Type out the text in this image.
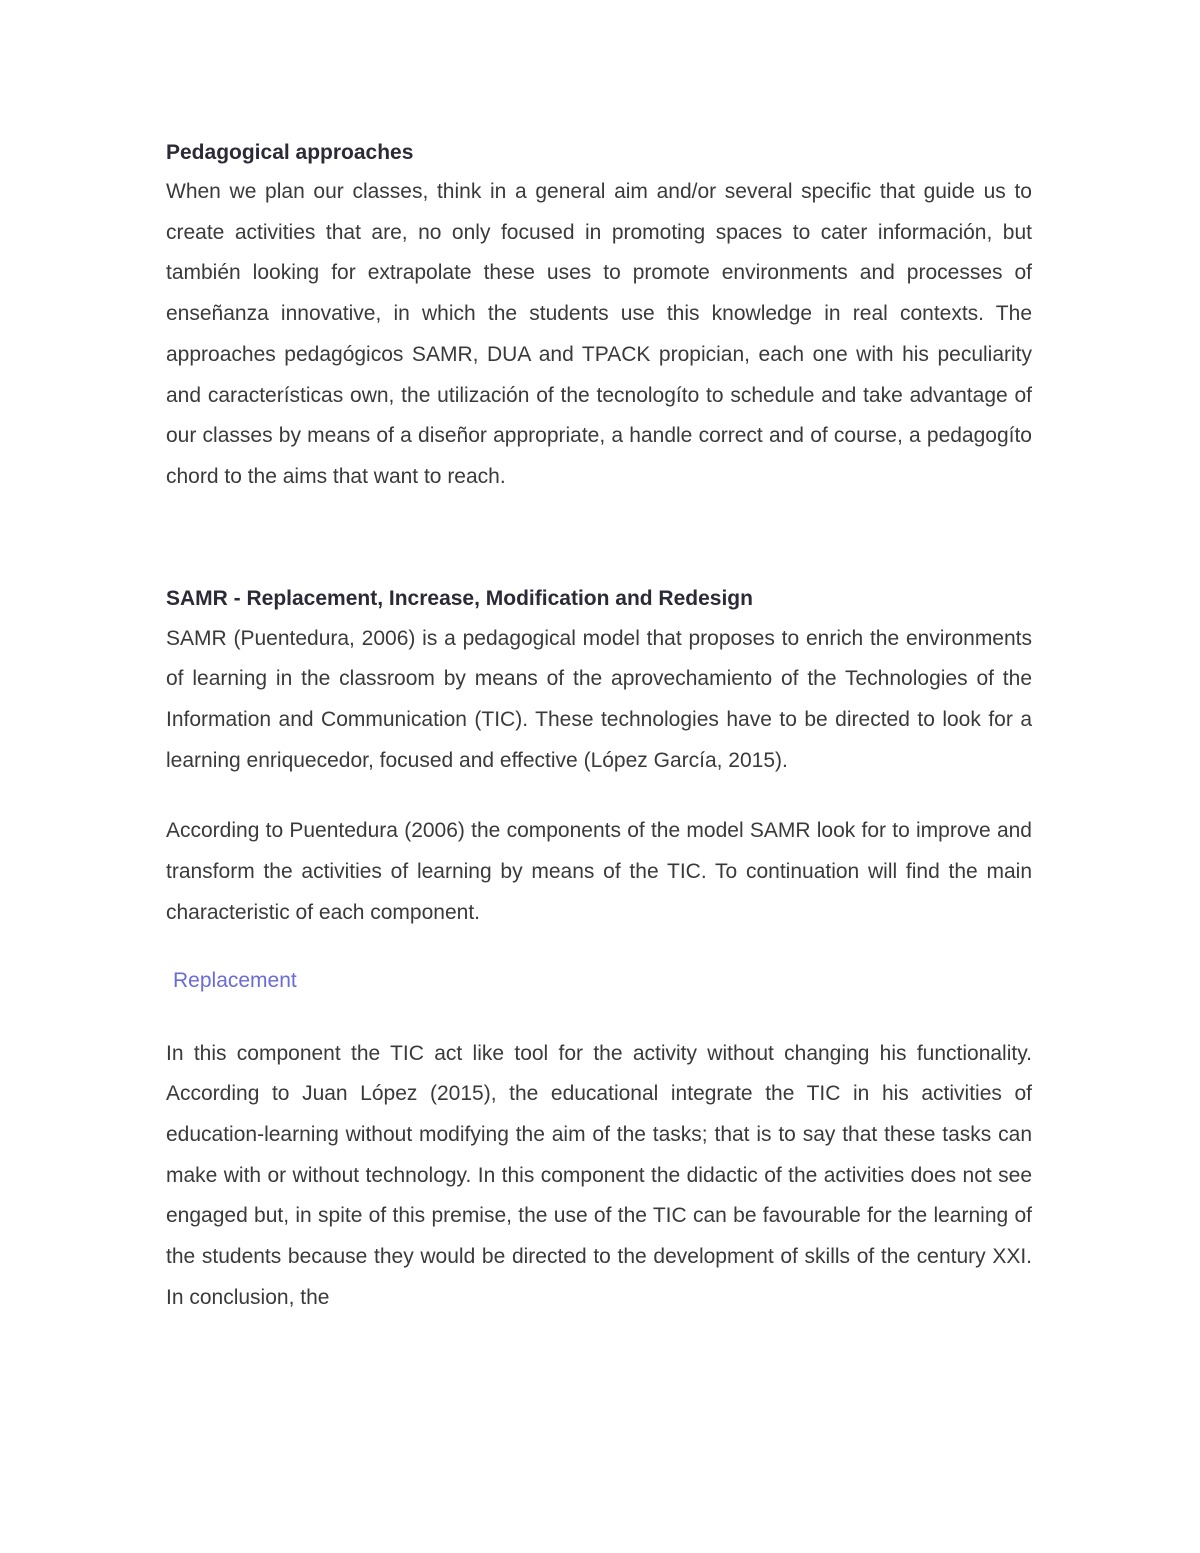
Pedagogical approaches

When we plan our classes, think in a general aim and/or several specific that guide us to create activities that are, no only focused in promoting spaces to cater información, but también looking for extrapolate these uses to promote environments and processes of enseñanza innovative, in which the students use this knowledge in real contexts. The approaches pedagógicos SAMR, DUA and TPACK propician, each one with his peculiarity and características own, the utilización of the tecnologíto to schedule and take advantage of our classes by means of a diseñor appropriate, a handle correct and of course, a pedagogíto chord to the aims that want to reach.

SAMR - Replacement, Increase, Modification and Redesign

SAMR (Puentedura, 2006) is a pedagogical model that proposes to enrich the environments of learning in the classroom by means of the aprovechamiento of the Technologies of the Information and Communication (TIC). These technologies have to be directed to look for a learning enriquecedor, focused and effective (López García, 2015).

According to Puentedura (2006) the components of the model SAMR look for to improve and transform the activities of learning by means of the TIC. To continuation will find the main characteristic of each component.

Replacement

In this component the TIC act like tool for the activity without changing his functionality. According to Juan López (2015), the educational integrate the TIC in his activities of education-learning without modifying the aim of the tasks; that is to say that these tasks can make with or without technology. In this component the didactic of the activities does not see engaged but, in spite of this premise, the use of the TIC can be favourable for the learning of the students because they would be directed to the development of skills of the century XXI. In conclusion, the
